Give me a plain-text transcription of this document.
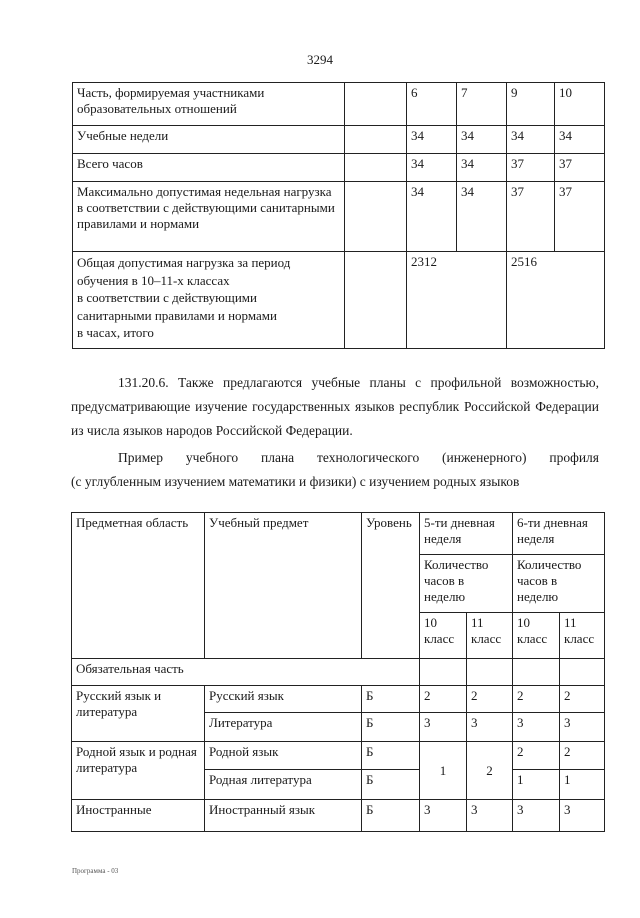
3294
Часть, формируемая участниками образовательных отношений		6	7	9	10
Учебные недели		34	34	34	34
Всего часов		34	34	37	37
Максимально допустимая недельная нагрузка в соответствии с действующими санитарными правилами и нормами		34	34	37	37
Общая допустимая нагрузка за период
обучения в 10–11-х классах
в соответствии с действующими
санитарными правилами и нормами
в часах, итого		2312		2516	
131.20.6. Также предлагаются учебные планы с профильной возможностью, предусматривающие изучение государственных языков республик Российской Федерации из числа языков народов Российской Федерации.
Пример учебного плана технологического (инженерного) профиля
(с углубленным изучением математики и физики) с изучением родных языков
Предметная область	Учебный предмет	Уровень	5-ти дневная неделя		6-ти дневная неделя	
			Количество часов в неделю		Количество часов в неделю	
			10 класс	11 класс	10 класс	11 класс
Обязательная часть						
Русский язык и литература	Русский язык	Б	2	2	2	2
	Литература	Б	3	3	3	3
Родной язык и родная литература	Родной язык	Б	1	2	2	2
	Родная литература	Б			1	1
Иностранные	Иностранный язык	Б	3	3	3	3
Программа - 03
